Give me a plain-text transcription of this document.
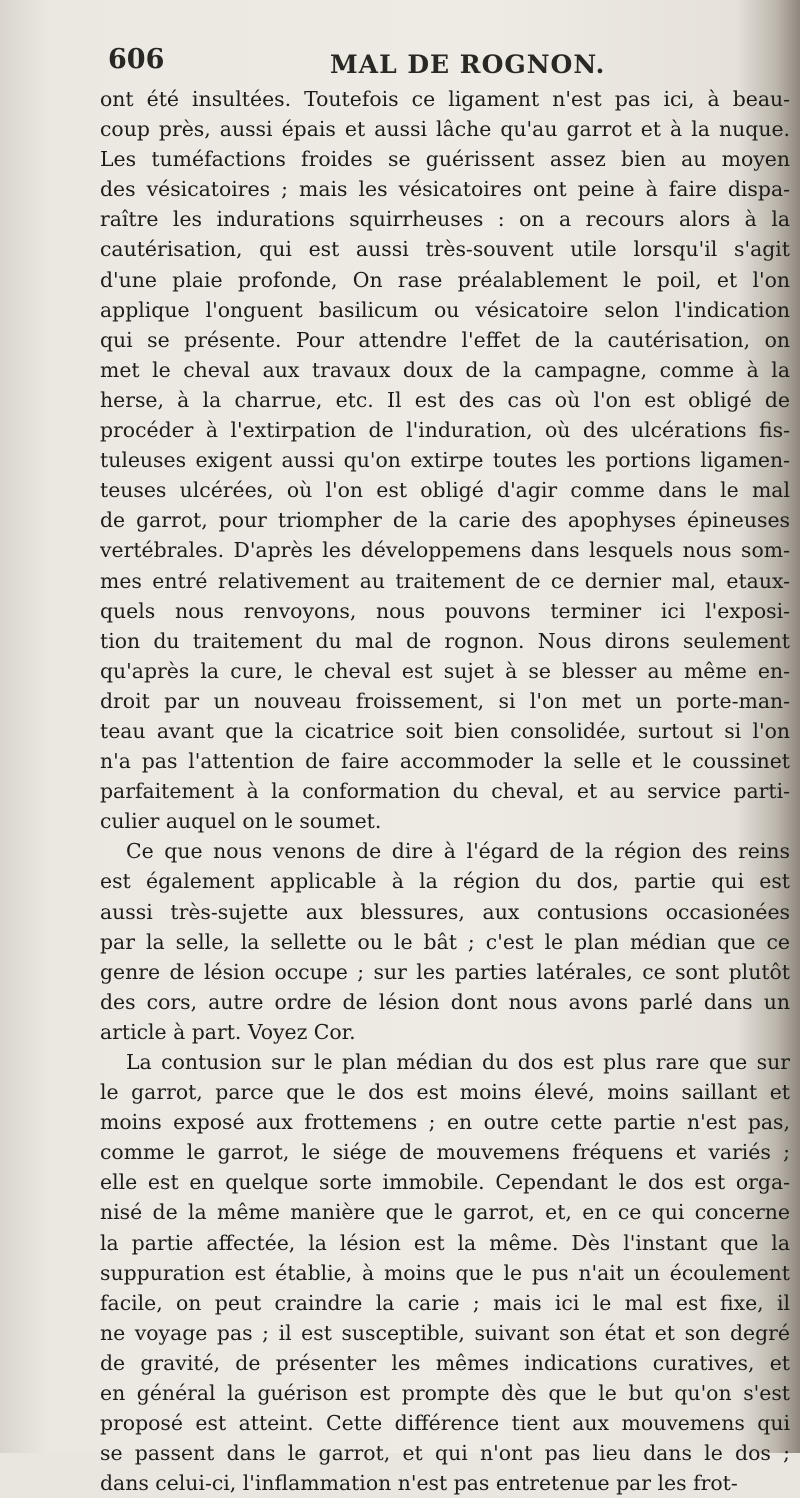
606	MAL DE ROGNON.
ont été insultées. Toutefois ce ligament n'est pas ici, à beau-
coup près, aussi épais et aussi lâche qu'au garrot et à la nuque.
Les tuméfactions froides se guérissent assez bien au moyen
des vésicatoires ; mais les vésicatoires ont peine à faire dispa-
raître les indurations squirrheuses : on a recours alors à la
cautérisation, qui est aussi très-souvent utile lorsqu'il s'agit
d'une plaie profonde, On rase préalablement le poil, et l'on
applique l'onguent basilicum ou vésicatoire selon l'indication
qui se présente. Pour attendre l'effet de la cautérisation, on
met le cheval aux travaux doux de la campagne, comme à la
herse, à la charrue, etc. Il est des cas où l'on est obligé de
procéder à l'extirpation de l'induration, où des ulcérations fis-
tuleuses exigent aussi qu'on extirpe toutes les portions ligamen-
teuses ulcérées, où l'on est obligé d'agir comme dans le mal
de garrot, pour triompher de la carie des apophyses épineuses
vertébrales. D'après les développemens dans lesquels nous som-
mes entré relativement au traitement de ce dernier mal, etaux-
quels nous renvoyons, nous pouvons terminer ici l'exposi-
tion du traitement du mal de rognon. Nous dirons seulement
qu'après la cure, le cheval est sujet à se blesser au même en-
droit par un nouveau froissement, si l'on met un porte-man-
teau avant que la cicatrice soit bien consolidée, surtout si l'on
n'a pas l'attention de faire accommoder la selle et le coussinet
parfaitement à la conformation du cheval, et au service parti-
culier auquel on le soumet.
Ce que nous venons de dire à l'égard de la région des reins
est également applicable à la région du dos, partie qui est
aussi très-sujette aux blessures, aux contusions occasionées
par la selle, la sellette ou le bât ; c'est le plan médian que ce
genre de lésion occupe ; sur les parties latérales, ce sont plutôt
des cors, autre ordre de lésion dont nous avons parlé dans un
article à part. Voyez Cor.
La contusion sur le plan médian du dos est plus rare que sur
le garrot, parce que le dos est moins élevé, moins saillant et
moins exposé aux frottemens ; en outre cette partie n'est pas,
comme le garrot, le siége de mouvemens fréquens et variés ;
elle est en quelque sorte immobile. Cependant le dos est orga-
nisé de la même manière que le garrot, et, en ce qui concerne
la partie affectée, la lésion est la même. Dès l'instant que la
suppuration est établie, à moins que le pus n'ait un écoulement
facile, on peut craindre la carie ; mais ici le mal est fixe, il
ne voyage pas ; il est susceptible, suivant son état et son degré
de gravité, de présenter les mêmes indications curatives, et
en général la guérison est prompte dès que le but qu'on s'est
proposé est atteint. Cette différence tient aux mouvemens qui
se passent dans le garrot, et qui n'ont pas lieu dans le dos ;
dans celui-ci, l'inflammation n'est pas entretenue par les frot-
